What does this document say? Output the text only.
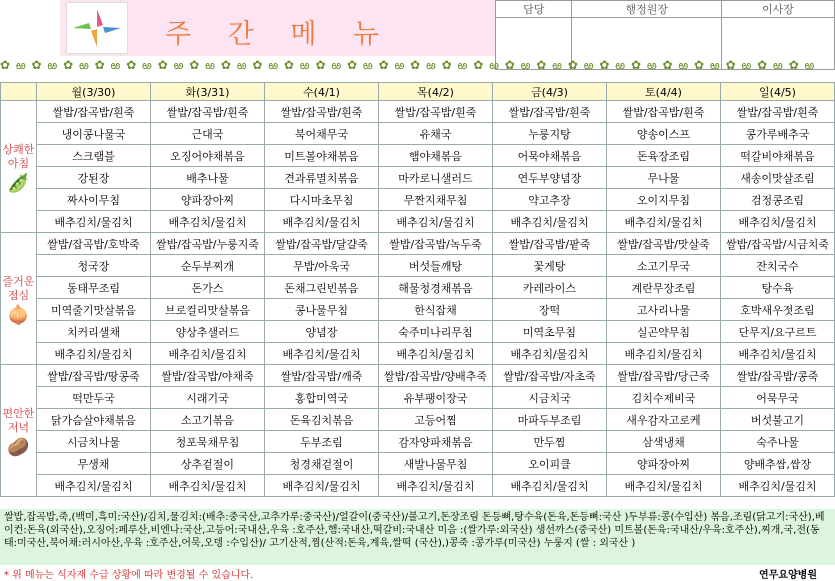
주 간 메 뉴
담당	행정원장	이사장

✿ ఱ ✿ ఱ ✿ ఱ ✿ ఱ ✿ ఱ ✿ ఱ ✿ ఱ ✿ ఱ ✿ ఱ ✿ ఱ ✿ ఱ ✿ ఱ ✿ ఱ ✿ ఱ ✿ ఱ ✿ ఱ ✿ ఱ ✿ ఱ ✿ ఱ ✿ ఱ ✿ ఱ ✿ ఱ ✿ ఱ ✿ ఱ ✿ ఱ ✿ ఱ
	월(3/30)	화(3/31)	수(4/1)	목(4/2)	금(4/3)	토(4/4)	일(4/5)
상쾌한
아침
🫛	쌀밥/잡곡밥/흰죽	쌀밥/잡곡밥/흰죽	쌀밥/잡곡밥/흰죽	쌀밥/잡곡밥/흰죽	쌀밥/잡곡밥/흰죽	쌀밥/잡곡밥/흰죽	쌀밥/잡곡밥/흰죽
	냉이콩나물국	근대국	북어채무국	유채국	누룽지탕	양송이스프	콩가루배추국
	스크램블	오징어야채볶음	미트볼야채볶음	햄야채볶음	어묵야채볶음	돈육장조림	떡갈비야채볶음
	강된장	배추나물	견과류멸치볶음	마카로니샐러드	연두부양념장	무나물	새송이맛살조림
	짜사이무침	양파장아찌	다시마초무침	무짠지채무침	약고추장	오이지무침	검정콩조림
	배추김치/물김치	배추김치/물김치	배추김치/물김치	배추김치/물김치	배추김치/물김치	배추김치/물김치	배추김치/물김치
즐거운
점심
🧅	쌀밥/잡곡밥/호박죽	쌀밥/잡곡밥/누룽지죽	쌀밥/잡곡밥/달걀죽	쌀밥/잡곡밥/녹두죽	쌀밥/잡곡밥/팥죽	쌀밥/잡곡밥/맛살죽	쌀밥/잡곡밥/시금치죽
	청국장	순두부찌개	무밥/아욱국	버섯들깨탕	꽃게탕	소고기무국	잔치국수
	동태무조림	돈가스	돈채그린빈볶음	해물청경채볶음	카레라이스	계란무장조림	탕수육
	미역줄기맛살볶음	브로컬리맛살볶음	콩나물무침	한식잡채	장떡	고사리나물	호박새우젓조림
	치커리샐채	양상추샐러드	양념장	숙주미나리무침	미역초무침	실곤약무침	단무지/요구르트
	배추김치/물김치	배추김치/물김치	배추김치/물김치	배추김치/물김치	배추김치/물김치	배추김치/물김치	배추김치/물김치
편안한
저녁
🥔	쌀밥/잡곡밥/땅콩죽	쌀밥/잡곡밥/야채죽	쌀밥/잡곡밥/깨죽	쌀밥/잡곡밥/양배추죽	쌀밥/잡곡밥/자초죽	쌀밥/잡곡밥/당근죽	쌀밥/잡곡밥/콩죽
	떡만두국	시래기국	홍합미역국	유부팽이장국	시금치국	김치수제비국	어묵무국
	닭가슴살야채볶음	소고기볶음	돈육김치볶음	고등어찜	마파두부조림	새우감자고로케	버섯불고기
	시금치나물	청포묵채무침	두부조림	감자양파채볶음	만두찜	삼색냉채	숙주나물
	무생채	상추겉절이	청경채겉절이	새발나물무침	오이피클	양파장아찌	양배추쌈,쌈장
	배추김치/물김치	배추김치/물김치	배추김치/물김치	배추김치/물김치	배추김치/물김치	배추김치/물김치	배추김치/물김치
쌀밥,잡곡밥,죽,(백미,흑미:국산)/김치,물김치:(배추:중국산,고추가루:중국산)/얼갈이(중국산)/불고기,돈장조림 돈등뼈,탕수육(돈육,돈등뼈:국산 )두부류:콩(수입산) 볶음,조림(닭고기:국산),베이컨:돈육(외국산),오징어:페루산,비엔나:국산,고등어:국내산,우육 :호주산,햄:국내산,떡갈비:국내산 미음 :(쌀가루:외국산) 생선까스(중국산) 미트볼(돈육:국내산/우육:호주산),찌개,국,전(동태:미국산,북어채:러시아산,우육 :호주산,어묵,오뎅 :수입산)/ 고기산적,찜(산적:돈육,계육,쌀떡 (국산),)콩죽 :콩가루(미국산) 누룽지 (쌀 : 외국산 )
* 위 메뉴는 식자재 수급 상황에 따라 변경될 수 있습니다.	연무요양병원
